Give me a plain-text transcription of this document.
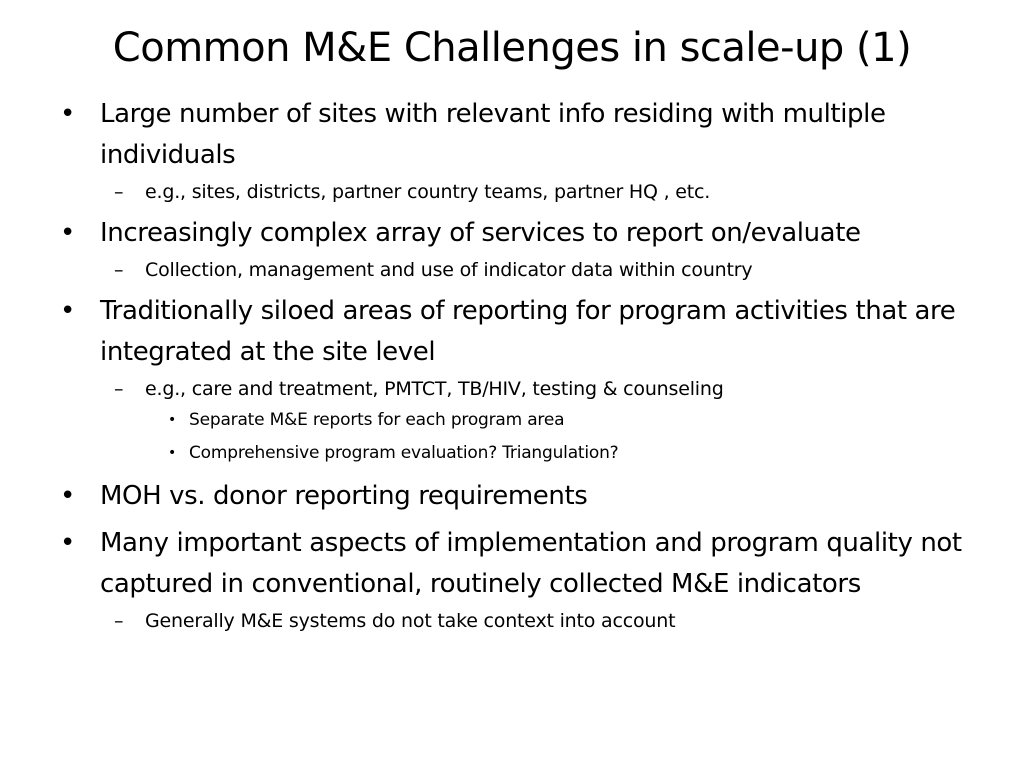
Common M&E Challenges in scale-up (1)
• Large number of sites with relevant info residing with multiple individuals
– e.g., sites, districts, partner country teams, partner HQ , etc.
• Increasingly complex array of services to report on/evaluate
– Collection, management and use of indicator data within country
• Traditionally siloed areas of reporting for program activities that are integrated at the site level
– e.g., care and treatment, PMTCT, TB/HIV, testing & counseling
• Separate M&E reports for each program area
• Comprehensive program evaluation? Triangulation?
• MOH vs. donor reporting requirements
• Many important aspects of implementation and program quality not captured in conventional, routinely collected M&E indicators
– Generally M&E systems do not take context into account
